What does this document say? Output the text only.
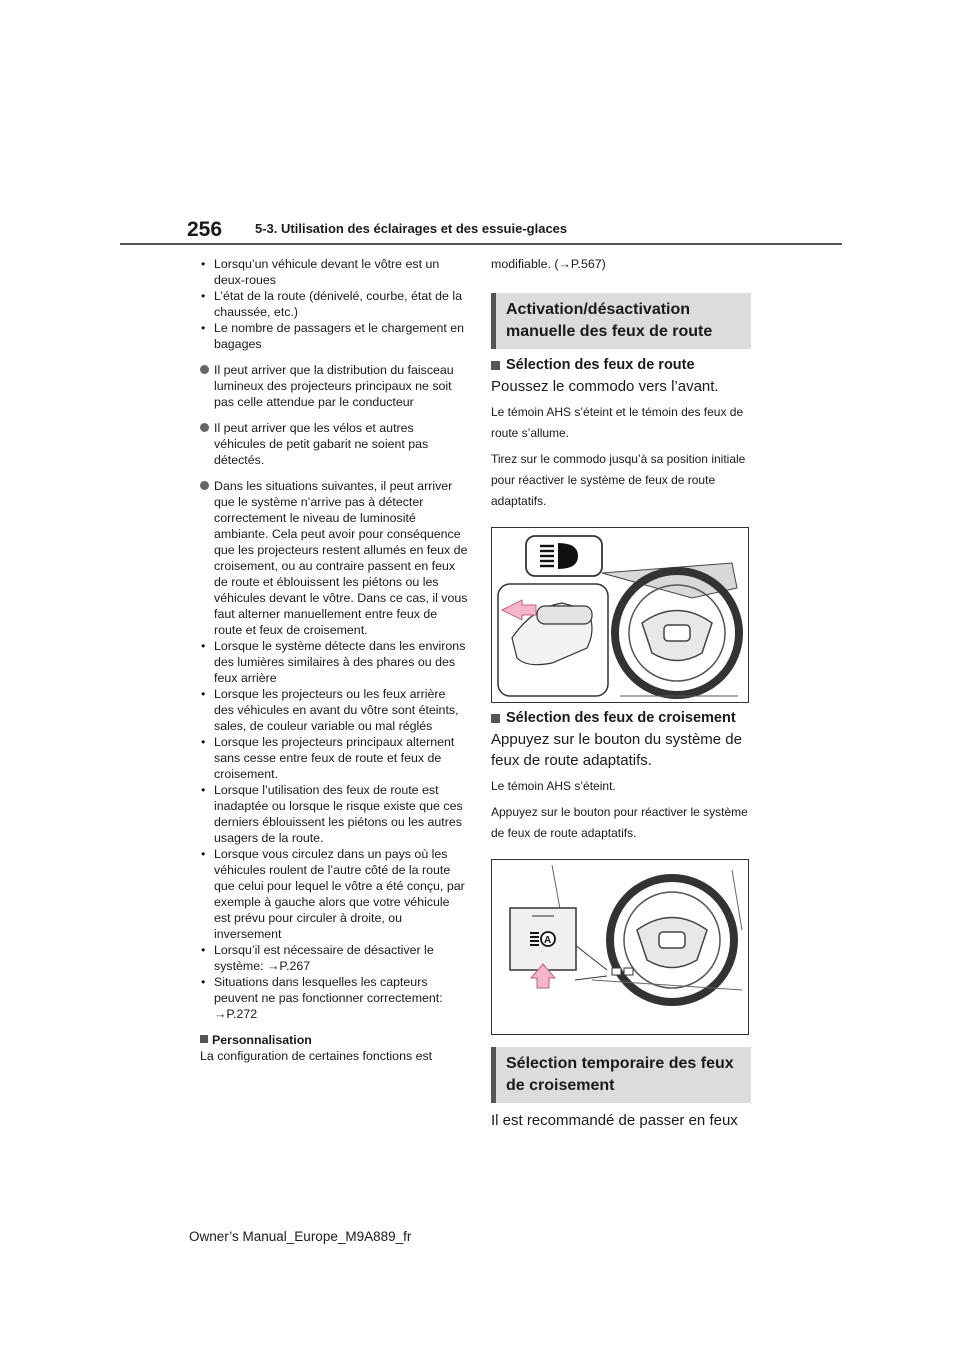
256	5-3. Utilisation des éclairages et des essuie-glaces
• Lorsqu’un véhicule devant le vôtre est un deux-roues
• L’état de la route (dénivelé, courbe, état de la chaussée, etc.)
• Le nombre de passagers et le chargement en bagages
Il peut arriver que la distribution du faisceau lumineux des projecteurs principaux ne soit pas celle attendue par le conducteur
Il peut arriver que les vélos et autres véhicules de petit gabarit ne soient pas détectés.
Dans les situations suivantes, il peut arriver que le système n’arrive pas à détecter correctement le niveau de luminosité ambiante. Cela peut avoir pour conséquence que les projecteurs restent allumés en feux de croisement, ou au contraire passent en feux de route et éblouissent les piétons ou les véhicules devant le vôtre. Dans ce cas, il vous faut alterner manuellement entre feux de route et feux de croisement.
• Lorsque le système détecte dans les environs des lumières similaires à des phares ou des feux arrière
• Lorsque les projecteurs ou les feux arrière des véhicules en avant du vôtre sont éteints, sales, de couleur variable ou mal réglés
• Lorsque les projecteurs principaux alternent sans cesse entre feux de route et feux de croisement.
• Lorsque l’utilisation des feux de route est inadaptée ou lorsque le risque existe que ces derniers éblouissent les piétons ou les autres usagers de la route.
• Lorsque vous circulez dans un pays où les véhicules roulent de l’autre côté de la route que celui pour lequel le vôtre a été conçu, par exemple à gauche alors que votre véhicule est prévu pour circuler à droite, ou inversement
• Lorsqu’il est nécessaire de désactiver le système: →P.267
• Situations dans lesquelles les capteurs peuvent ne pas fonctionner correctement: →P.272
Personnalisation
La configuration de certaines fonctions est
modifiable. (→P.567)
Activation/désactivation manuelle des feux de route
Sélection des feux de route
Poussez le commodo vers l’avant.
Le témoin AHS s’éteint et le témoin des feux de route s’allume.
Tirez sur le commodo jusqu’à sa position initiale pour réactiver le système de feux de route adaptatifs.
Sélection des feux de croisement
Appuyez sur le bouton du système de feux de route adaptatifs.
Le témoin AHS s’éteint.
Appuyez sur le bouton pour réactiver le système de feux de route adaptatifs.
A
Sélection temporaire des feux de croisement
Il est recommandé de passer en feux
Owner’s Manual_Europe_M9A889_fr
